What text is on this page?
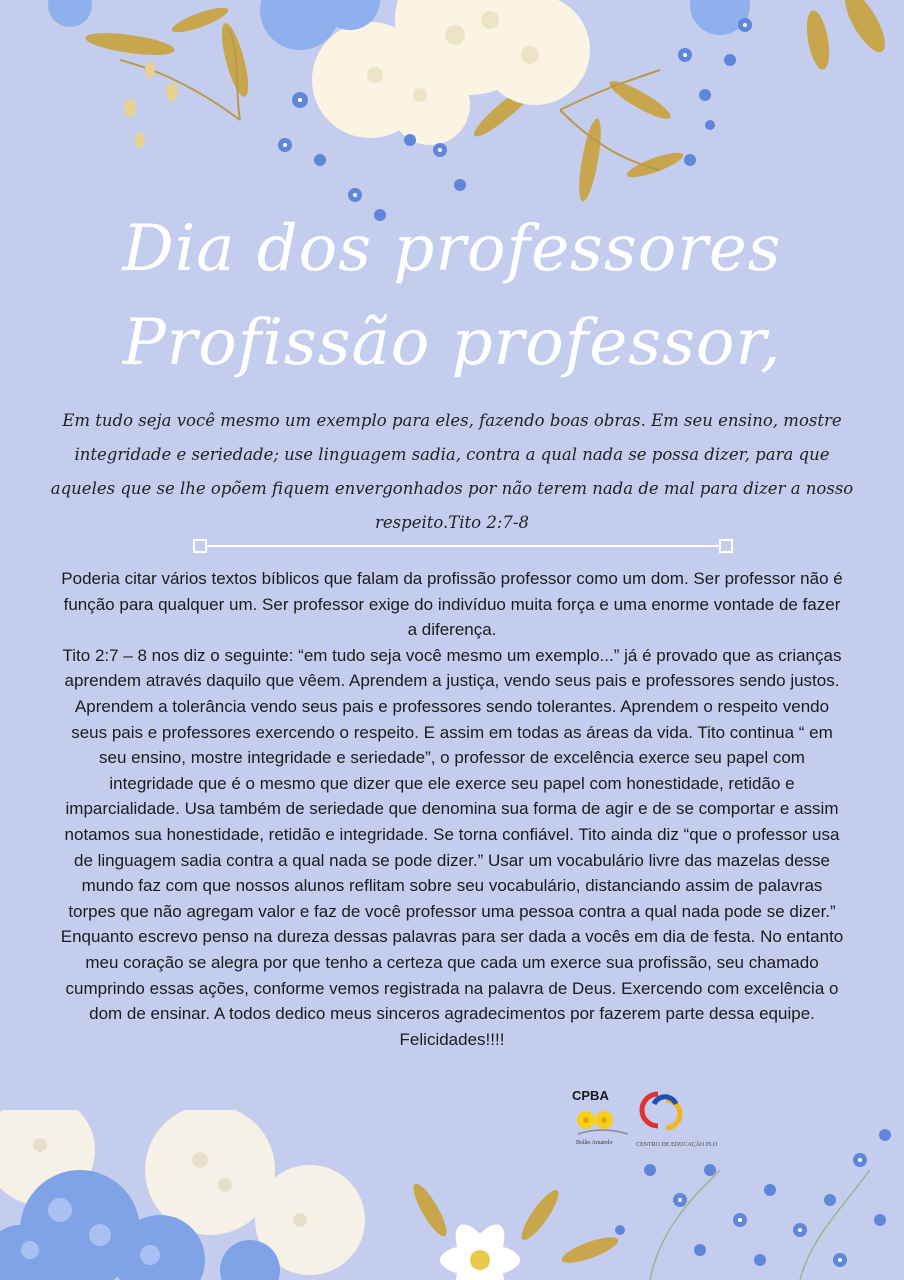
Dia dos professores
Profissão professor,
Em tudo seja você mesmo um exemplo para eles, fazendo boas obras. Em seu ensino, mostre integridade e seriedade; use linguagem sadia, contra a qual nada se possa dizer, para que aqueles que se lhe opõem fiquem envergonhados por não terem nada de mal para dizer a nosso respeito.Tito 2:7-8

Poderia citar vários textos bíblicos que falam da profissão professor como um dom. Ser professor não é função para qualquer um. Ser professor exige do indivíduo muita força e uma enorme vontade de fazer a diferença.

Tito 2:7 – 8 nos diz o seguinte: “em tudo seja você mesmo um exemplo...” já é provado que as crianças aprendem através daquilo que vêem. Aprendem a justiça, vendo seus pais e professores sendo justos. Aprendem a tolerância vendo seus pais e professores sendo tolerantes. Aprendem o respeito vendo seus pais e professores exercendo o respeito. E assim em todas as áreas da vida. Tito continua “ em seu ensino, mostre integridade e seriedade”, o professor de excelência exerce seu papel com integridade que é o mesmo que dizer que ele exerce seu papel com honestidade, retidão e imparcialidade. Usa também de seriedade que denomina sua forma de agir e de se comportar e assim notamos sua honestidade, retidão e integridade. Se torna confiável. Tito ainda diz “que o professor usa de linguagem sadia contra a qual nada se pode dizer.” Usar um vocabulário livre das mazelas desse mundo faz com que nossos alunos reflitam sobre seu vocabulário, distanciando assim de palavras torpes que não agregam valor e faz de você professor uma pessoa contra a qual nada pode se dizer.” Enquanto escrevo penso na dureza dessas palavras para ser dada a vocês em dia de festa. No entanto meu coração se alegra por que tenho a certeza que cada um exerce sua profissão, seu chamado cumprindo essas ações, conforme vemos registrada na palavra de Deus. Exercendo com excelência o dom de ensinar. A todos dedico meus sinceros agradecimentos por fazerem parte dessa equipe.

Felicidades!!!!

CPBA
Bolão Amarelo	CENTRO DE EDUCAÇÃO FLO
